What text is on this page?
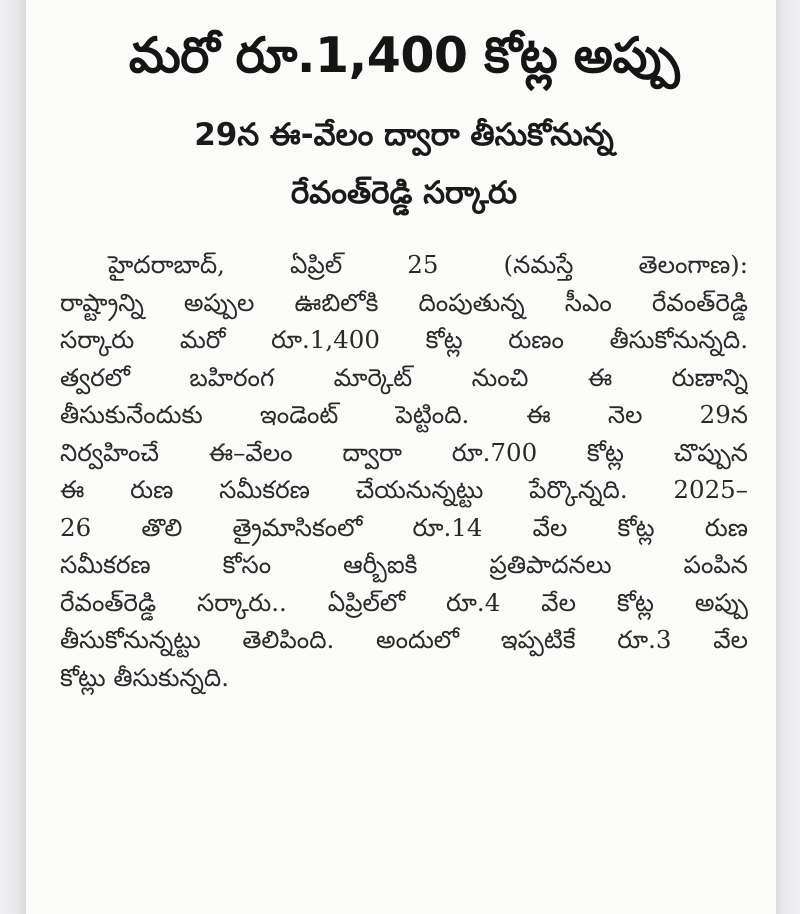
మరో రూ.1,400 కోట్ల అప్పు
29న ఈ-వేలం ద్వారా తీసుకోనున్న
రేవంత్‌రెడ్డి సర్కారు
హైదరాబాద్, ఏప్రిల్ 25 (నమస్తే తెలంగాణ):
రాష్ట్రాన్ని అప్పుల ఊబిలోకి దింపుతున్న సీఎం రేవంత్‌రెడ్డి
సర్కారు మరో రూ.1,400 కోట్ల రుణం తీసుకోనున్నది.
త్వరలో బహిరంగ మార్కెట్ నుంచి ఈ రుణాన్ని
తీసుకునేందుకు ఇండెంట్ పెట్టింది. ఈ నెల 29న
నిర్వహించే ఈ–వేలం ద్వారా రూ.700 కోట్ల చొప్పున
ఈ రుణ సమీకరణ చేయనున్నట్టు పేర్కొన్నది. 2025–
26 తొలి త్రైమాసికంలో రూ.14 వేల కోట్ల రుణ
సమీకరణ కోసం ఆర్బీఐకి ప్రతిపాదనలు పంపిన
రేవంత్‌రెడ్డి సర్కారు.. ఏప్రిల్‌లో రూ.4 వేల కోట్ల అప్పు
తీసుకోనున్నట్టు తెలిపింది. అందులో ఇప్పటికే రూ.3 వేల
కోట్లు తీసుకున్నది.
